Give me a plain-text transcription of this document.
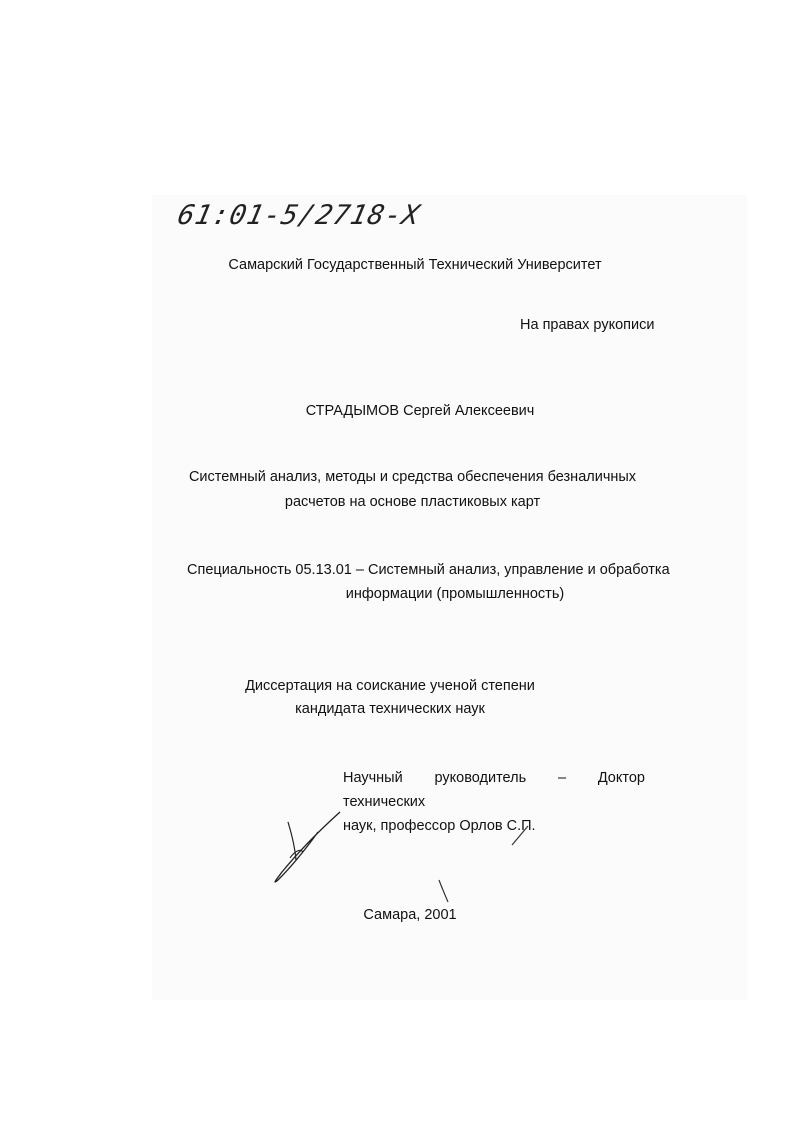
61:01-5/2718-X
Самарский Государственный Технический Университет
На правах рукописи
СТРАДЫМОВ Сергей Алексеевич
Системный анализ, методы и средства обеспечения безналичных
расчетов на основе пластиковых карт
Специальность 05.13.01 – Системный анализ, управление и обработка
информации (промышленность)
Диссертация на соискание ученой степени
кандидата технических наук
Научный руководитель – Доктор технических
наук, профессор Орлов С.П.
Самара, 2001
